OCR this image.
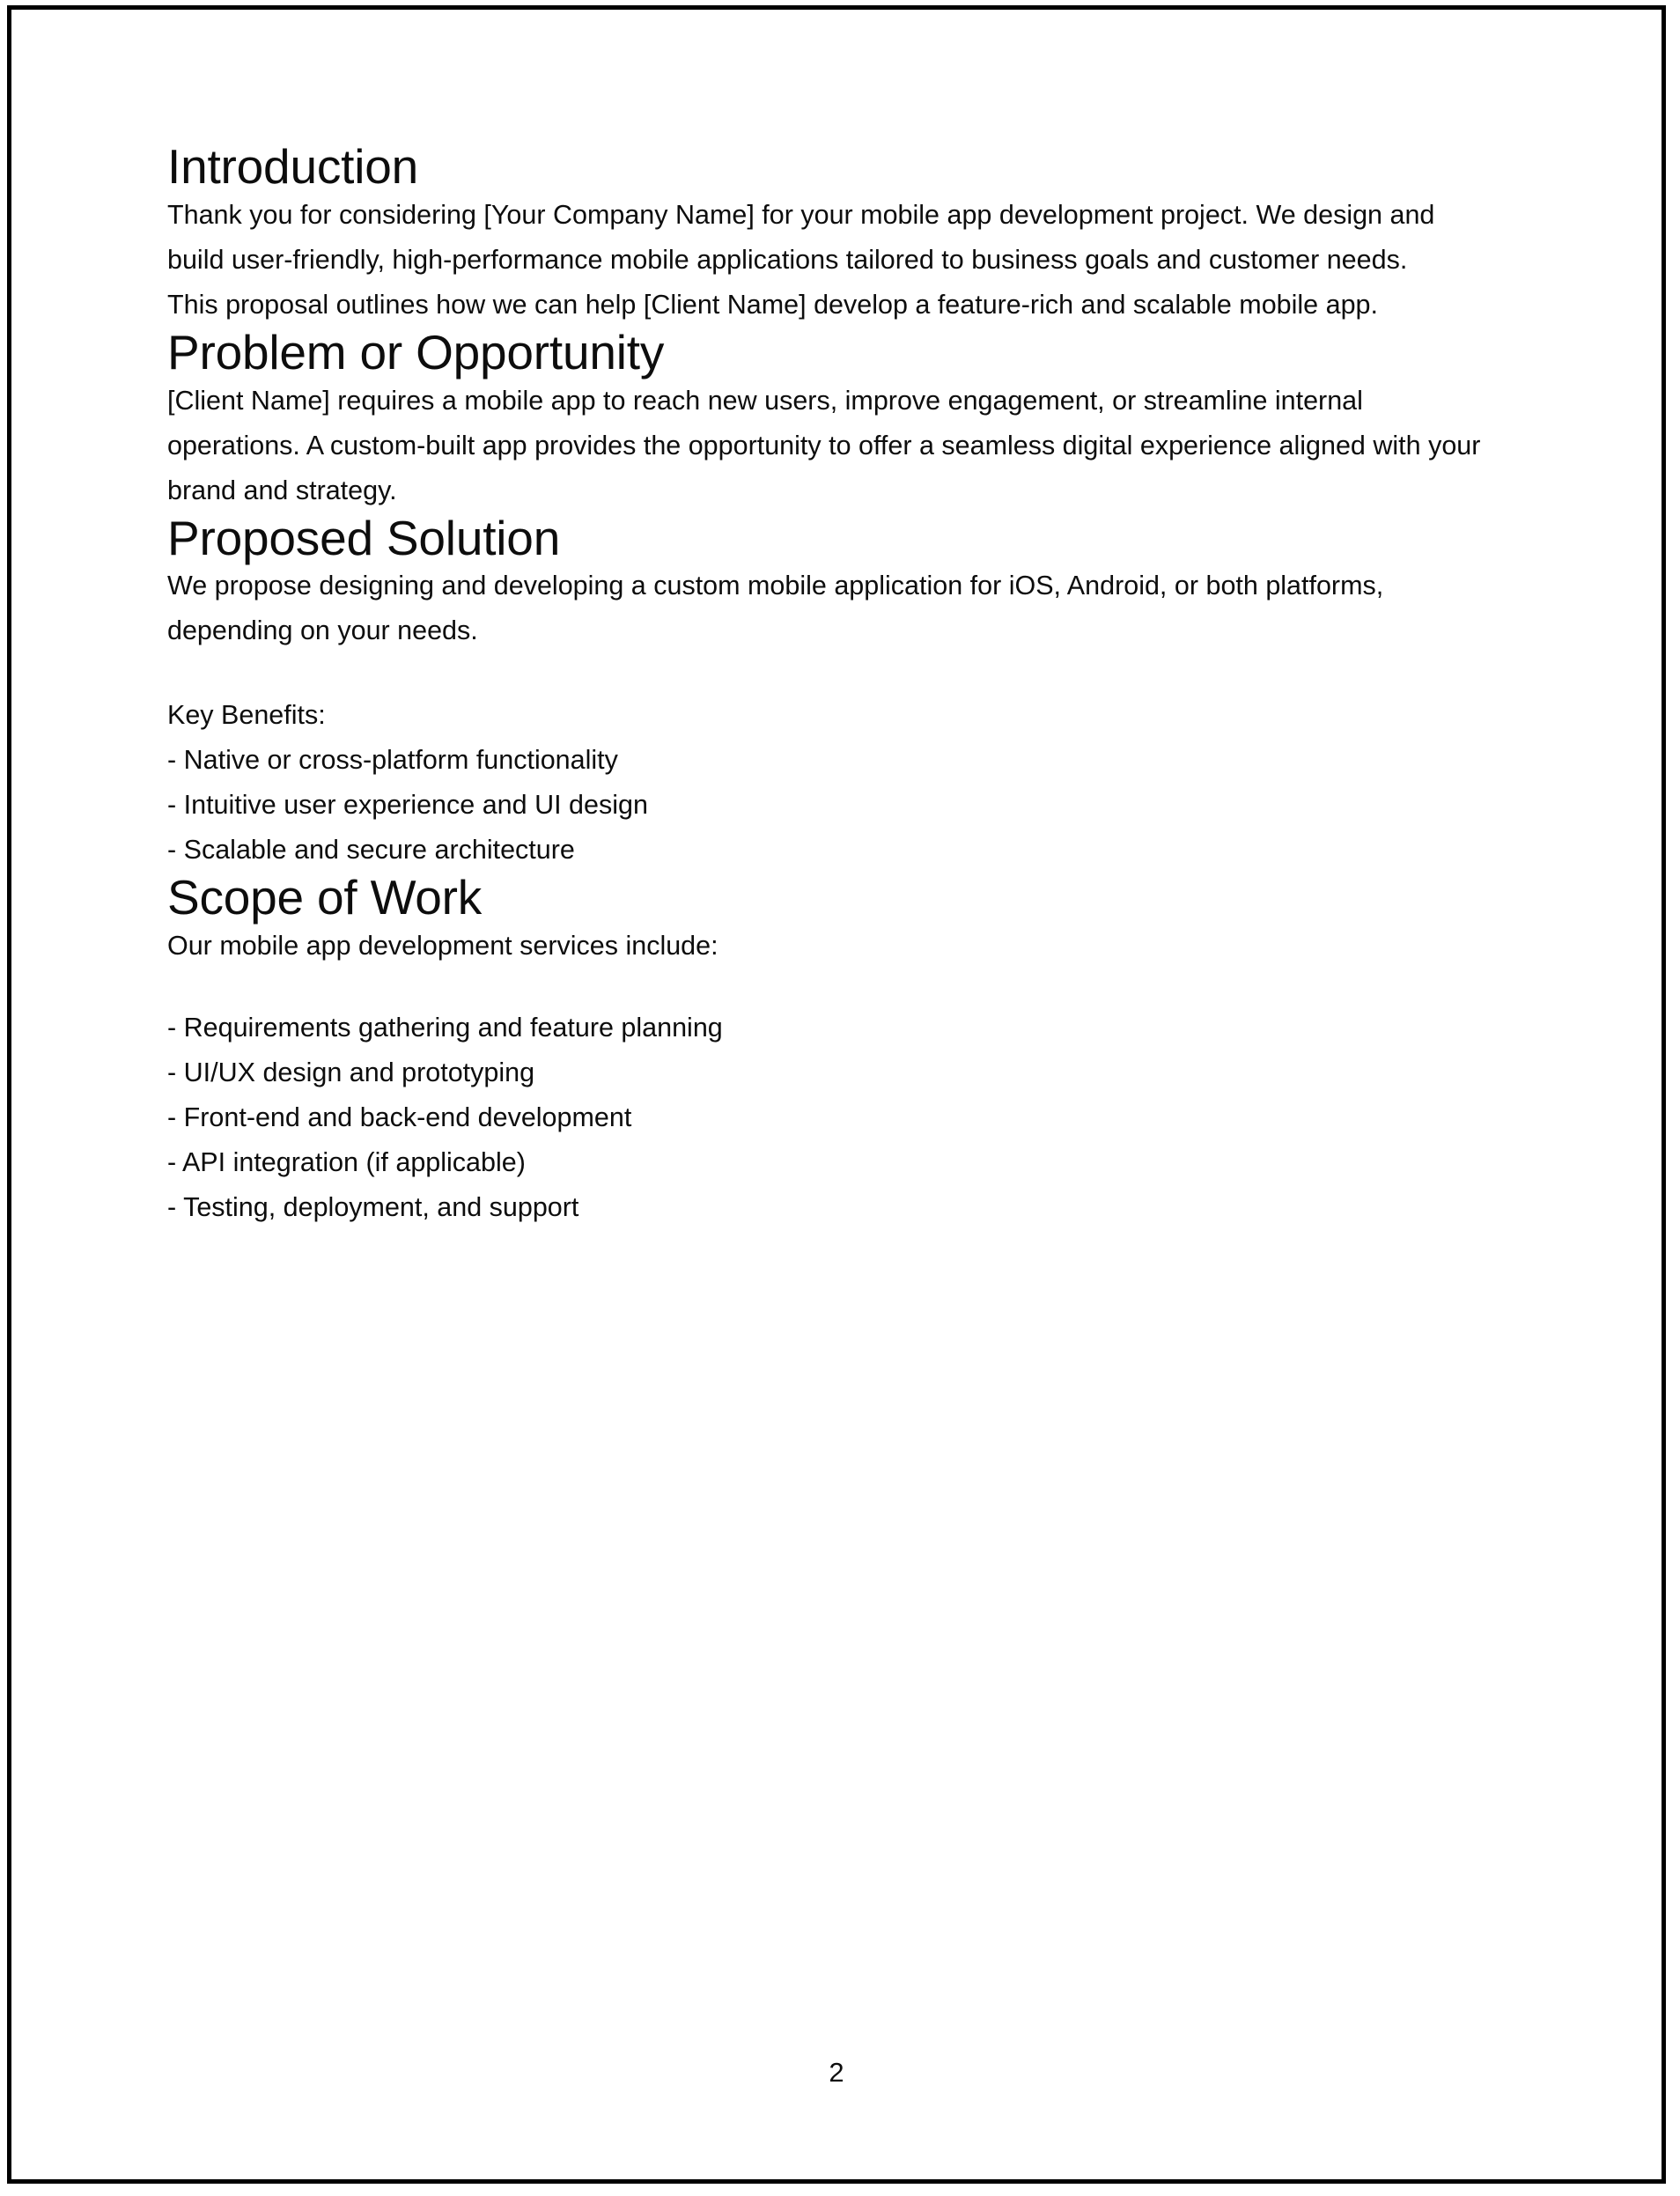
Introduction

Thank you for considering [Your Company Name] for your mobile app development project. We design and build user-friendly, high-performance mobile applications tailored to business goals and customer needs.

This proposal outlines how we can help [Client Name] develop a feature-rich and scalable mobile app.

Problem or Opportunity

[Client Name] requires a mobile app to reach new users, improve engagement, or streamline internal operations. A custom-built app provides the opportunity to offer a seamless digital experience aligned with your brand and strategy.

Proposed Solution

We propose designing and developing a custom mobile application for iOS, Android, or both platforms, depending on your needs.

Key Benefits:
- Native or cross-platform functionality
- Intuitive user experience and UI design
- Scalable and secure architecture
Scope of Work

Our mobile app development services include:

- Requirements gathering and feature planning
- UI/UX design and prototyping
- Front-end and back-end development
- API integration (if applicable)
- Testing, deployment, and support
2
